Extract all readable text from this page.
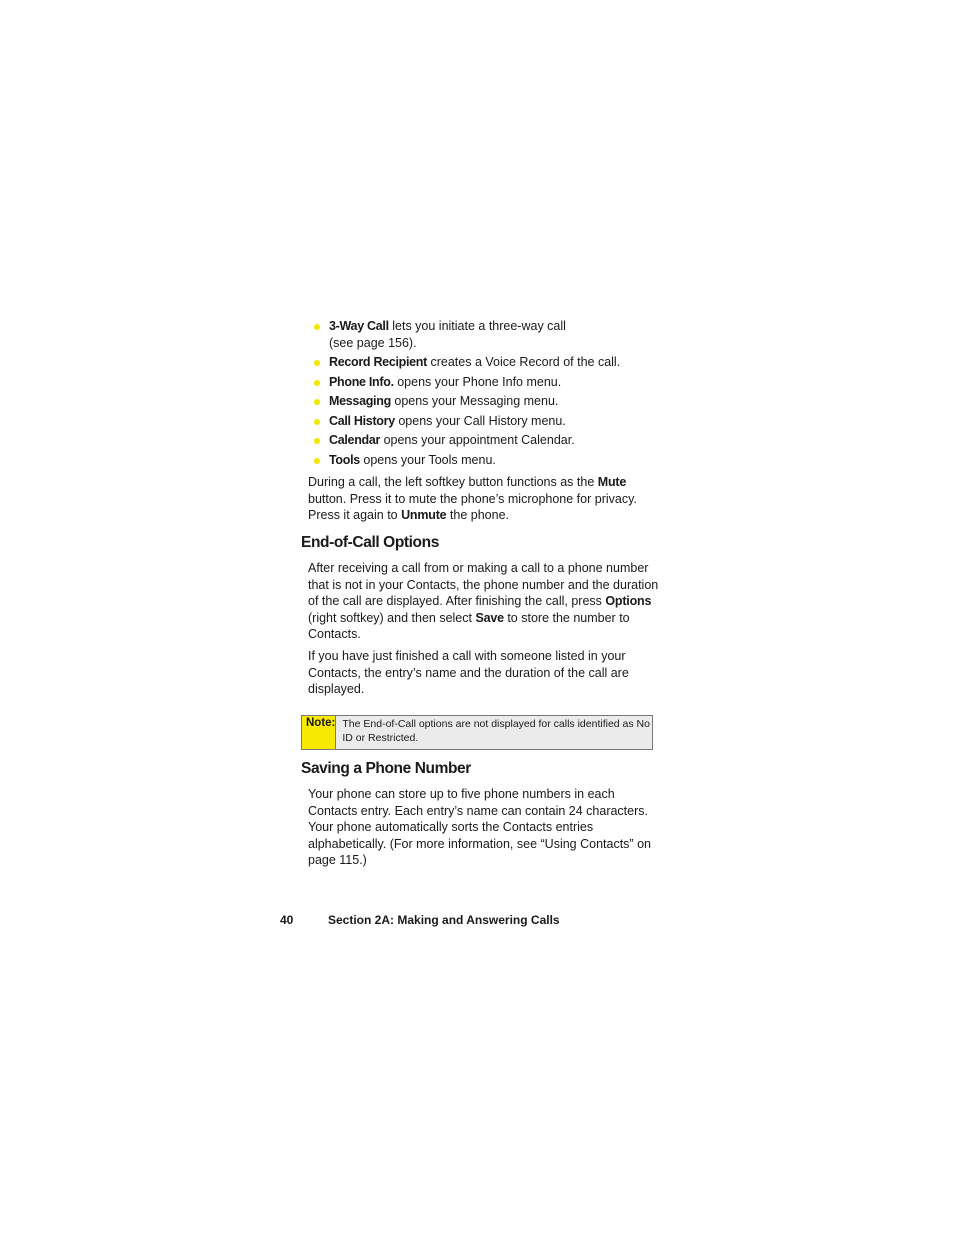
3-Way Call lets you initiate a three-way call
(see page 156).
Record Recipient creates a Voice Record of the call.
Phone Info. opens your Phone Info menu.
Messaging opens your Messaging menu.
Call History opens your Call History menu.
Calendar opens your appointment Calendar.
Tools opens your Tools menu.

During a call, the left softkey button functions as the Mute button. Press it to mute the phone’s microphone for privacy. Press it again to Unmute the phone.

End-of-Call Options

After receiving a call from or making a call to a phone number that is not in your Contacts, the phone number and the duration of the call are displayed. After finishing the call, press Options (right softkey) and then select Save to store the number to Contacts.

If you have just finished a call with someone listed in your Contacts, the entry’s name and the duration of the call are displayed.

Note: The End-of-Call options are not displayed for calls identified as No ID or Restricted.
Saving a Phone Number

Your phone can store up to five phone numbers in each Contacts entry. Each entry’s name can contain 24 characters. Your phone automatically sorts the Contacts entries alphabetically. (For more information, see “Using Contacts” on page 115.)

40	Section 2A: Making and Answering Calls
